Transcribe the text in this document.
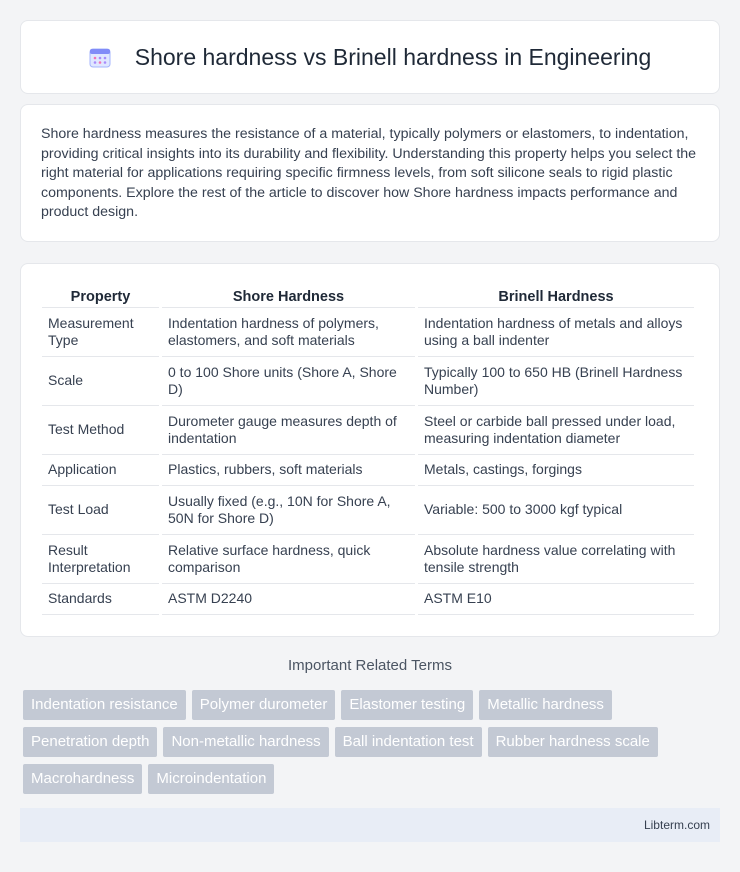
Shore hardness vs Brinell hardness in Engineering

Shore hardness measures the resistance of a material, typically polymers or elastomers, to indentation, providing critical insights into its durability and flexibility. Understanding this property helps you select the right material for applications requiring specific firmness levels, from soft silicone seals to rigid plastic components. Explore the rest of the article to discover how Shore hardness impacts performance and product design.

Property	Shore Hardness	Brinell Hardness
Measurement Type	Indentation hardness of polymers, elastomers, and soft materials	Indentation hardness of metals and alloys using a ball indenter
Scale	0 to 100 Shore units (Shore A, Shore D)	Typically 100 to 650 HB (Brinell Hardness Number)
Test Method	Durometer gauge measures depth of indentation	Steel or carbide ball pressed under load, measuring indentation diameter
Application	Plastics, rubbers, soft materials	Metals, castings, forgings
Test Load	Usually fixed (e.g., 10N for Shore A, 50N for Shore D)	Variable: 500 to 3000 kgf typical
Result Interpretation	Relative surface hardness, quick comparison	Absolute hardness value correlating with tensile strength
Standards	ASTM D2240	ASTM E10
Important Related Terms
Indentation resistance	Polymer durometer	Elastomer testing	Metallic hardness
Penetration depth	Non-metallic hardness	Ball indentation test	Rubber hardness scale
Macrohardness	Microindentation
Libterm.com
